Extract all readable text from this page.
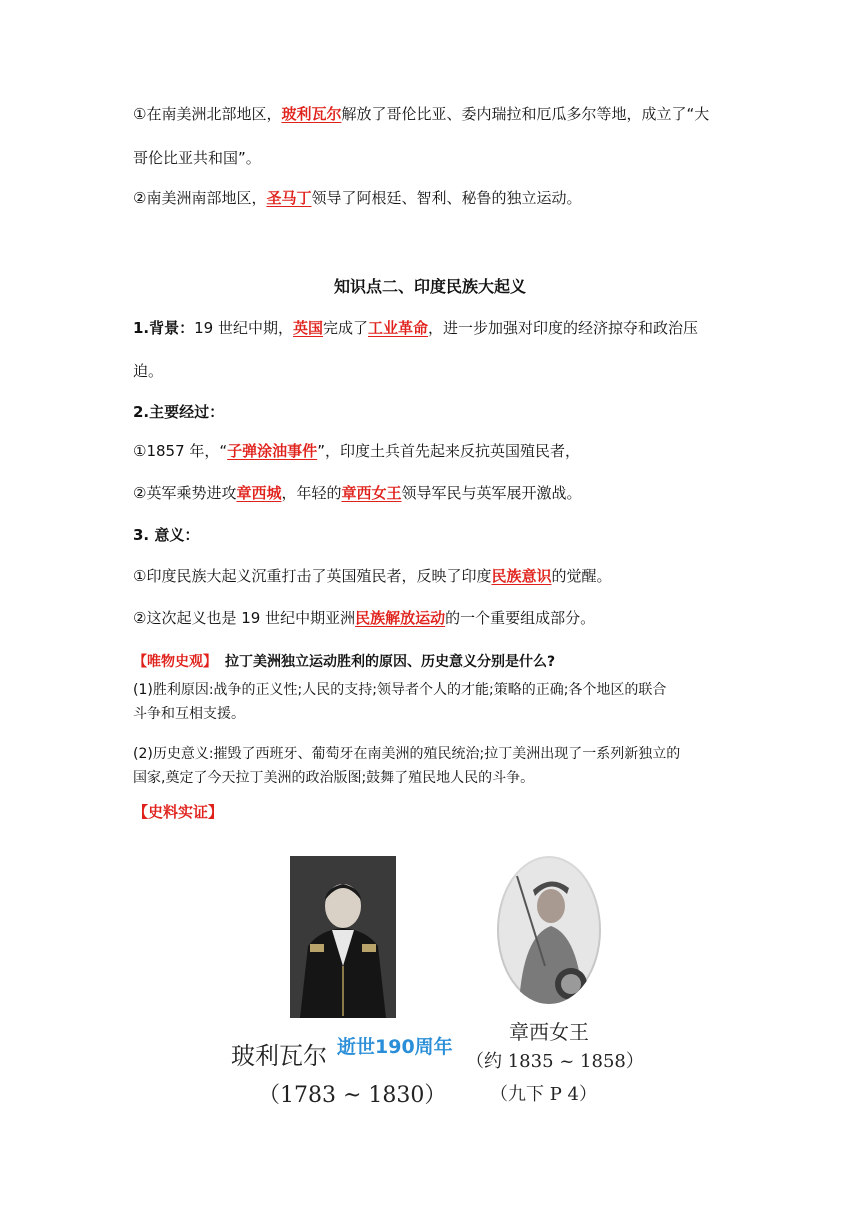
①在南美洲北部地区，玻利瓦尔解放了哥伦比亚、委内瑞拉和厄瓜多尔等地，成立了“大
哥伦比亚共和国”。
②南美洲南部地区，圣马丁领导了阿根廷、智利、秘鲁的独立运动。
知识点二、印度民族大起义
1.背景：19 世纪中期，英国完成了工业革命，进一步加强对印度的经济掠夺和政治压
迫。
2.主要经过：
①1857 年，“子弹涂油事件”，印度土兵首先起来反抗英国殖民者，
②英军乘势进攻章西城，年轻的章西女王领导军民与英军展开激战。
3. 意义：
①印度民族大起义沉重打击了英国殖民者，反映了印度民族意识的觉醒。
②这次起义也是 19 世纪中期亚洲民族解放运动的一个重要组成部分。
【唯物史观】 拉丁美洲独立运动胜利的原因、历史意义分别是什么?
(1)胜利原因:战争的正义性;人民的支持;领导者个人的才能;策略的正确;各个地区的联合
斗争和互相支援。
(2)历史意义:摧毁了西班牙、葡萄牙在南美洲的殖民统治;拉丁美洲出现了一系列新独立的
国家,奠定了今天拉丁美洲的政治版图;鼓舞了殖民地人民的斗争。
【史料实证】
玻利瓦尔 逝世190周年
（1783 ~ 1830）
章西女王
（约 1835 ~ 1858）
（九下 P 4）
